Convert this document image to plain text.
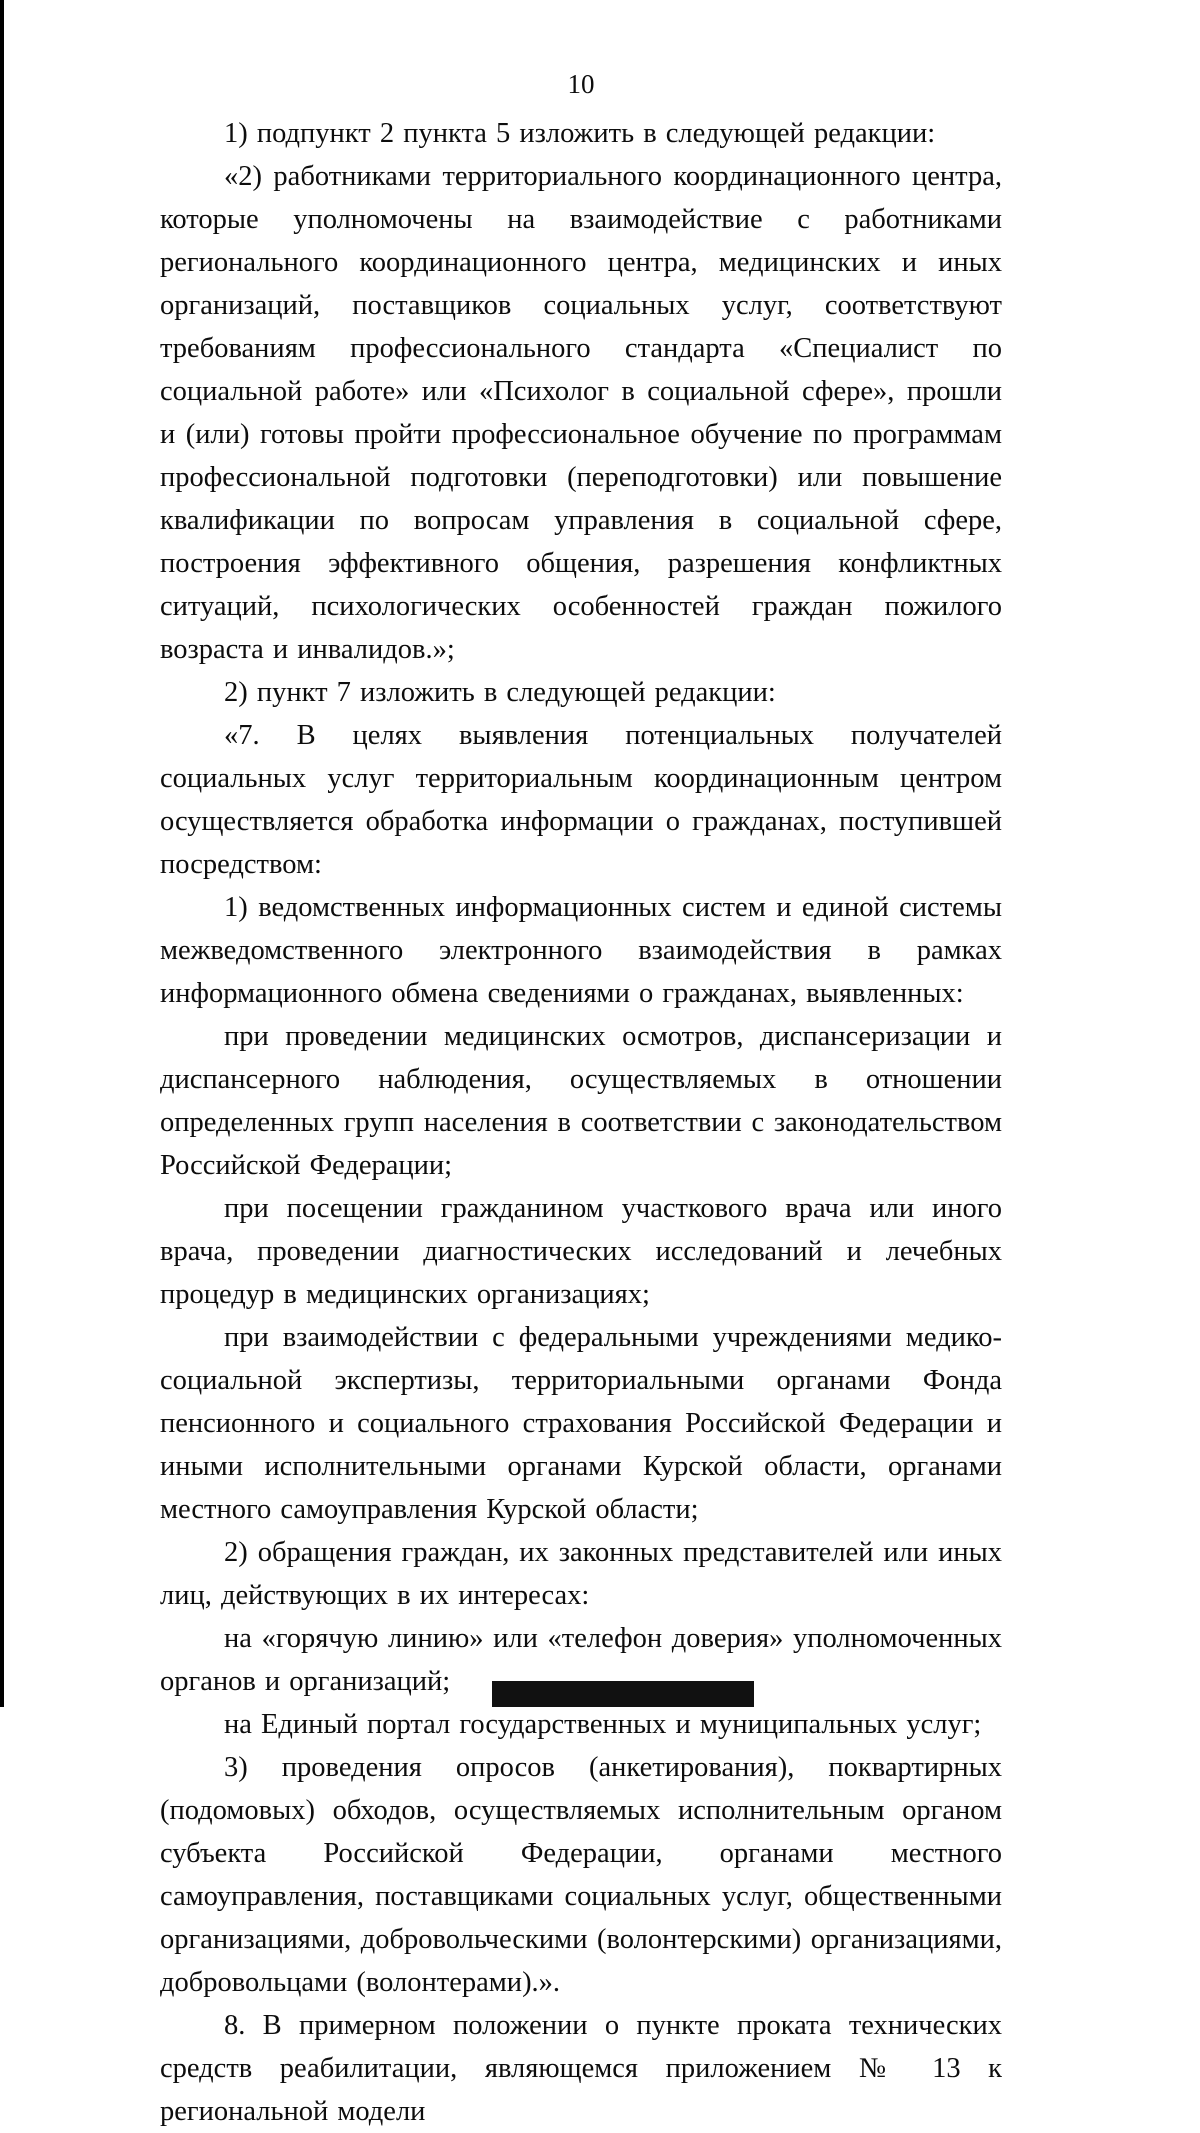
10

1) подпункт 2 пункта 5 изложить в следующей редакции:

«2) работниками территориального координационного центра, которые уполномочены на взаимодействие с работниками регионального координационного центра, медицинских и иных организаций, поставщиков социальных услуг, соответствуют требованиям профессионального стандарта «Специалист по социальной работе» или «Психолог в социальной сфере», прошли и (или) готовы пройти профессиональное обучение по программам профессиональной подготовки (переподготовки) или повышение квалификации по вопросам управления в социальной сфере, построения эффективного общения, разрешения конфликтных ситуаций, психологических особенностей граждан пожилого возраста и инвалидов.»;

2) пункт 7 изложить в следующей редакции:

«7. В целях выявления потенциальных получателей социальных услуг территориальным координационным центром осуществляется обработка информации о гражданах, поступившей посредством:

1) ведомственных информационных систем и единой системы межведомственного электронного взаимодействия в рамках информационного обмена сведениями о гражданах, выявленных:

при проведении медицинских осмотров, диспансеризации и диспансерного наблюдения, осуществляемых в отношении определенных групп населения в соответствии с законодательством Российской Федерации;

при посещении гражданином участкового врача или иного врача, проведении диагностических исследований и лечебных процедур в медицинских организациях;

при взаимодействии с федеральными учреждениями медико-социальной экспертизы, территориальными органами Фонда пенсионного и социального страхования Российской Федерации и иными исполнительными органами Курской области, органами местного самоуправления Курской области;

2) обращения граждан, их законных представителей или иных лиц, действующих в их интересах:

на «горячую линию» или «телефон доверия» уполномоченных органов и организаций;

на Единый портал государственных и муниципальных услуг;

3) проведения опросов (анкетирования), поквартирных (подомовых) обходов, осуществляемых исполнительным органом субъекта Российской Федерации, органами местного самоуправления, поставщиками социальных услуг, общественными организациями, добровольческими (волонтерскими) организациями, добровольцами (волонтерами).».

8. В примерном положении о пункте проката технических средств реабилитации, являющемся приложением № 13 к региональной модели
